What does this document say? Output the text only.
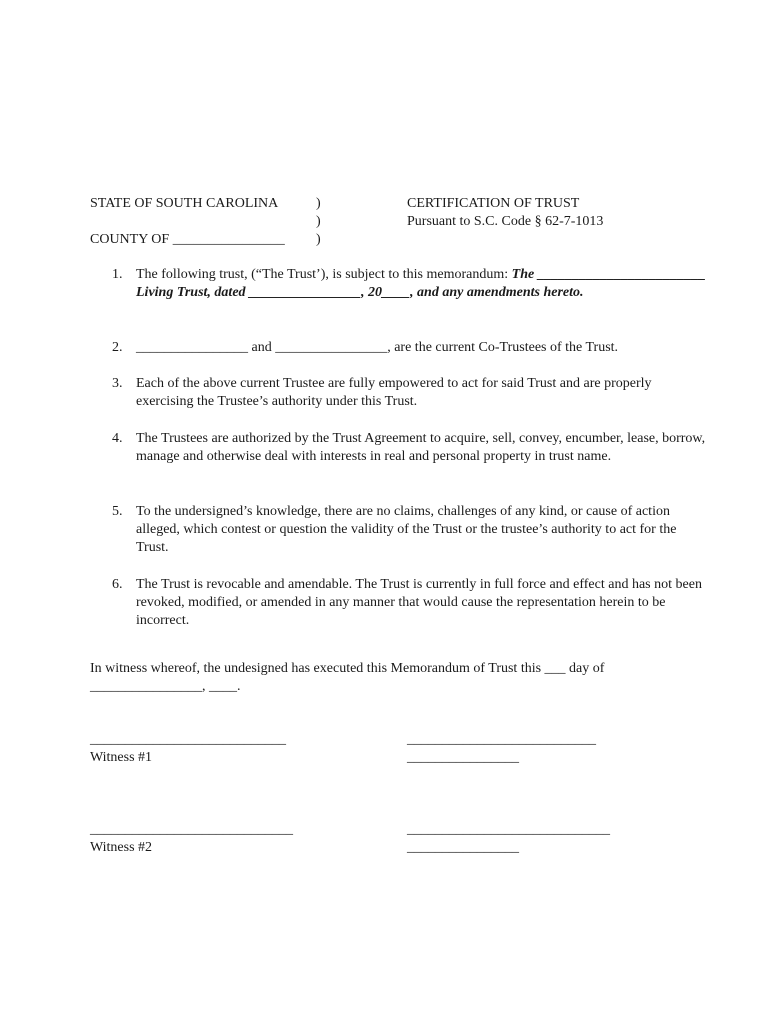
STATE OF SOUTH CAROLINA
COUNTY OF ________________
)
)
)
CERTIFICATION OF TRUST
Pursuant to S.C. Code § 62-7-1013
1. The following trust, (“The Trust’), is subject to this memorandum: The ________________________ Living Trust, dated ________________, 20____, and any amendments hereto.
2. ________________ and ________________, are the current Co-Trustees of the Trust.
3. Each of the above current Trustee are fully empowered to act for said Trust and are properly exercising the Trustee’s authority under this Trust.
4. The Trustees are authorized by the Trust Agreement to acquire, sell, convey, encumber, lease, borrow, manage and otherwise deal with interests in real and personal property in trust name.
5. To the undersigned’s knowledge, there are no claims, challenges of any kind, or cause of action alleged, which contest or question the validity of the Trust or the trustee’s authority to act for the Trust.
6. The Trust is revocable and amendable. The Trust is currently in full force and effect and has not been revoked, modified, or amended in any manner that would cause the representation herein to be incorrect.
In witness whereof, the undesigned has executed this Memorandum of Trust this ___ day of
________________, ____.
____________________________
Witness #1
___________________________
________________
_____________________________
Witness #2
_____________________________
________________
